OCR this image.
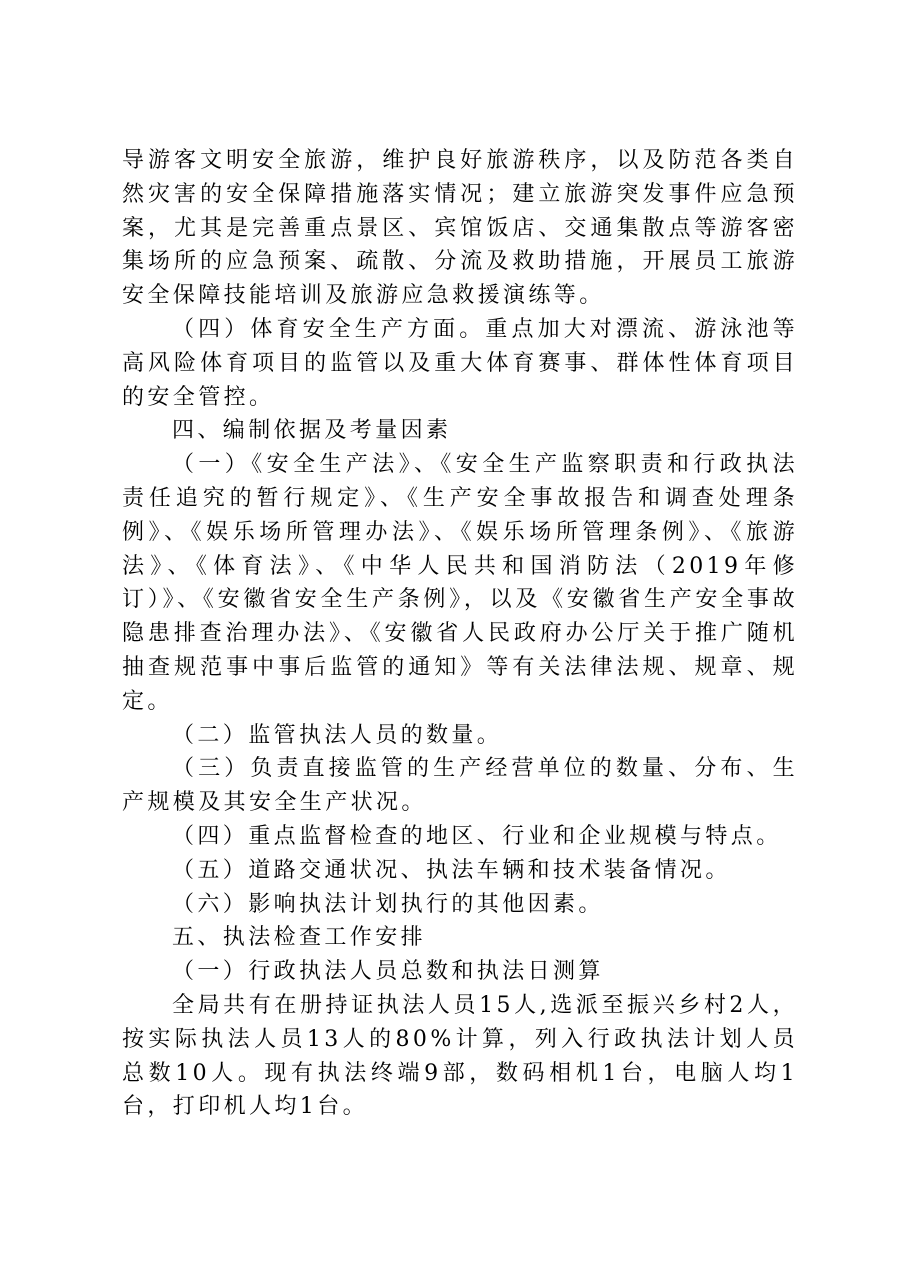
导游客文明安全旅游，维护良好旅游秩序，以及防范各类自然灾害的安全保障措施落实情况；建立旅游突发事件应急预案，尤其是完善重点景区、宾馆饭店、交通集散点等游客密集场所的应急预案、疏散、分流及救助措施，开展员工旅游安全保障技能培训及旅游应急救援演练等。

（四）体育安全生产方面。重点加大对漂流、游泳池等高风险体育项目的监管以及重大体育赛事、群体性体育项目的安全管控。

四、编制依据及考量因素

（一）《安全生产法》、《安全生产监察职责和行政执法责任追究的暂行规定》、《生产安全事故报告和调查处理条例》、《娱乐场所管理办法》、《娱乐场所管理条例》、《旅游法》、《体育法》、《中华人民共和国消防法（2019年修订）》、《安徽省安全生产条例》，以及《安徽省生产安全事故隐患排查治理办法》、《安徽省人民政府办公厅关于推广随机抽查规范事中事后监管的通知》等有关法律法规、规章、规定。

（二）监管执法人员的数量。

（三）负责直接监管的生产经营单位的数量、分布、生产规模及其安全生产状况。

（四）重点监督检查的地区、行业和企业规模与特点。

（五）道路交通状况、执法车辆和技术装备情况。

（六）影响执法计划执行的其他因素。

五、执法检查工作安排

（一）行政执法人员总数和执法日测算

全局共有在册持证执法人员15人,选派至振兴乡村2人，按实际执法人员13人的80%计算，列入行政执法计划人员总数10人。现有执法终端9部，数码相机1台，电脑人均1台，打印机人均1台。
